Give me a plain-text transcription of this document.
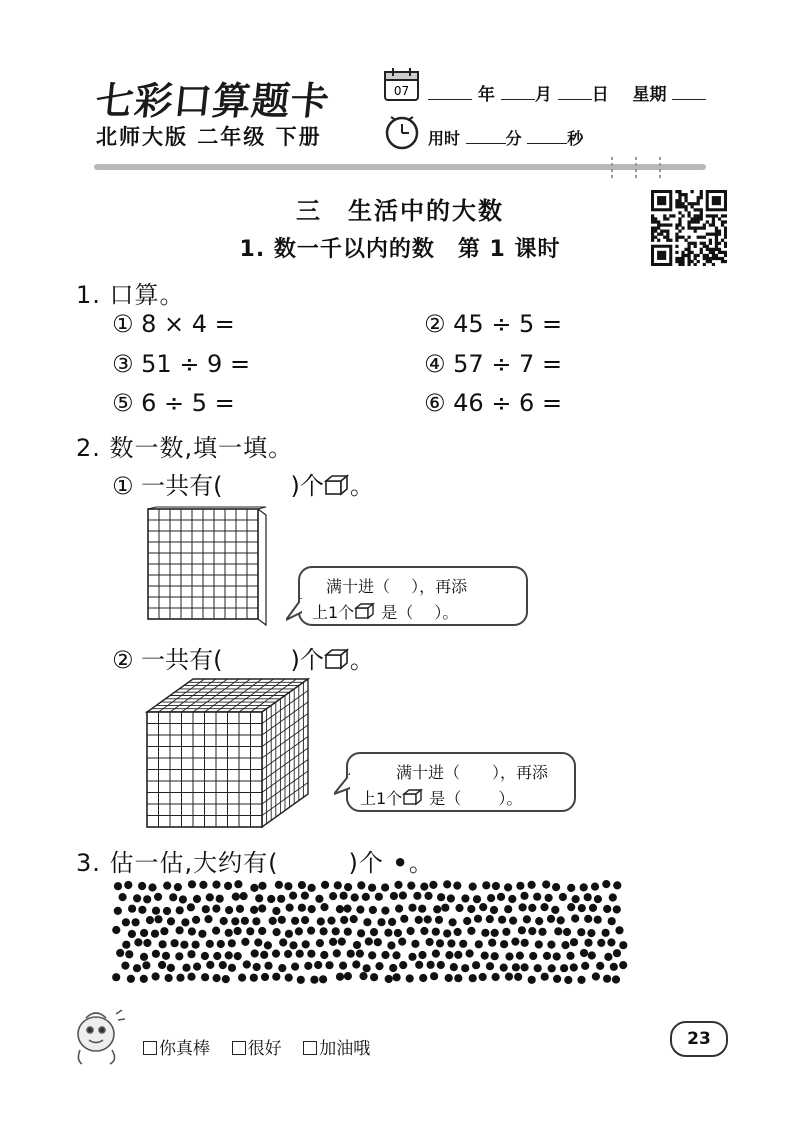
七彩口算题卡
北师大版 二年级 下册
07	年 月 日 星期
用时	分	秒
三　生活中的大数
1. 数一千以内的数　第 1 课时
1. 口算。
① 8 × 4 =	② 45 ÷ 5 =
③ 51 ÷ 9 =	④ 57 ÷ 7 =
⑤ 6 ÷ 5 =	⑥ 46 ÷ 6 =
2. 数一数,填一填。
① 一共有(	)个 。
满十进（　 ），再添
上1个 是（　 ）。
② 一共有(	)个 。
满十进（　　），再添
上1个 是（　　 ）。
3. 估一估,大约有(	)个 •。
你真棒 很好 加油哦	23
